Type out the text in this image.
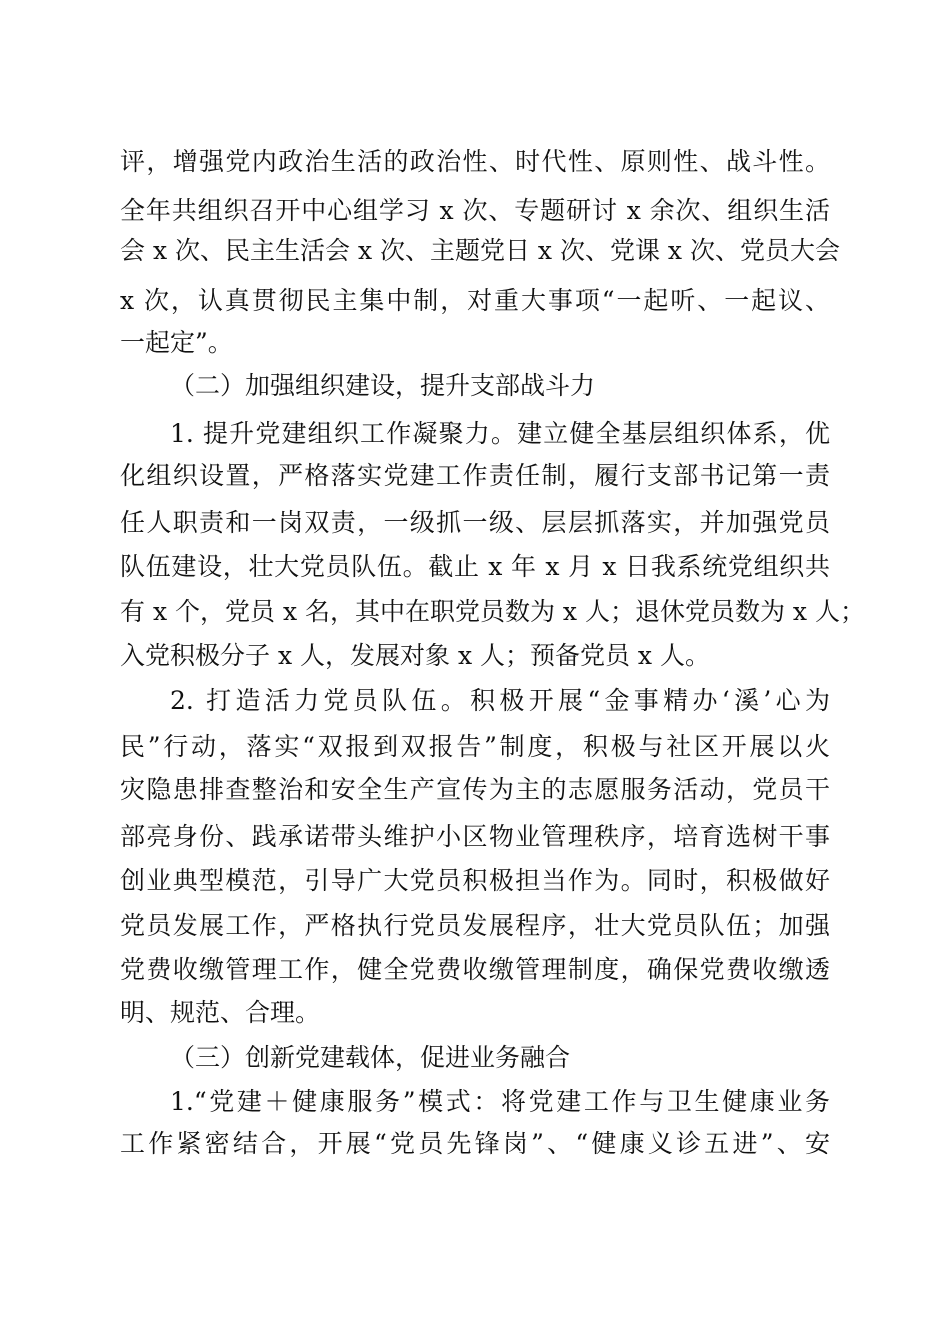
评，增强党内政治生活的政治性、时代性、原则性、战斗性。
全年共组织召开中心组学习 x 次、专题研讨 x 余次、组织生活
会 x 次、民主生活会 x 次、主题党日 x 次、党课 x 次、党员大会
x 次，认真贯彻民主集中制，对重大事项“一起听、一起议、
一起定”。
（二）加强组织建设，提升支部战斗力
1. 提升党建组织工作凝聚力。建立健全基层组织体系，优
化组织设置，严格落实党建工作责任制，履行支部书记第一责
任人职责和一岗双责，一级抓一级、层层抓落实，并加强党员
队伍建设，壮大党员队伍。截止 x 年 x 月 x 日我系统党组织共
有 x 个，党员 x 名，其中在职党员数为 x 人；退休党员数为 x 人；
入党积极分子 x 人，发展对象 x 人；预备党员 x 人。
2. 打造活力党员队伍。积极开展“金事精办‘溪’心为
民”行动，落实“双报到双报告”制度，积极与社区开展以火
灾隐患排查整治和安全生产宣传为主的志愿服务活动，党员干
部亮身份、践承诺带头维护小区物业管理秩序，培育选树干事
创业典型模范，引导广大党员积极担当作为。同时，积极做好
党员发展工作，严格执行党员发展程序，壮大党员队伍；加强
党费收缴管理工作，健全党费收缴管理制度，确保党费收缴透
明、规范、合理。
（三）创新党建载体，促进业务融合
1.“党建＋健康服务”模式：将党建工作与卫生健康业务
工作紧密结合，开展“党员先锋岗”、“健康义诊五进”、安
